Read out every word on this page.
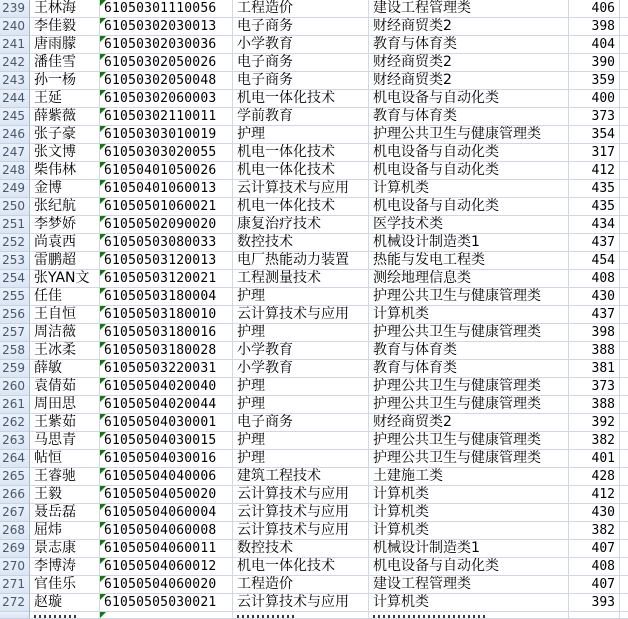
239 王林海	61050301110056	工程造价	建设工程管理类	406
240 李佳毅	61050302030013	电子商务	财经商贸类2	398
241 唐雨朦	61050302030036	小学教育	教育与体育类	404
242 潘佳雪	61050302050026	电子商务	财经商贸类2	390
243 孙一杨	61050302050048	电子商务	财经商贸类2	359
244 王延	61050302060003	机电一体化技术	机电设备与自动化类	400
245 薛紫薇	61050302110011	学前教育	教育与体育类	373
246 张子豪	61050303010019	护理	护理公共卫生与健康管理类	354
247 张文博	61050303020055	机电一体化技术	机电设备与自动化类	317
248 柴伟林	61050401050026	机电一体化技术	机电设备与自动化类	412
249 金博	61050401060013	云计算技术与应用	计算机类	435
250 张纪航	61050501060021	机电一体化技术	机电设备与自动化类	435
251 李梦娇	61050502090020	康复治疗技术	医学技术类	434
252 尚袁西	61050503080033	数控技术	机械设计制造类1	437
253 雷鹏超	61050503120013	电厂热能动力装置	热能与发电工程类	454
254 张YAN文	61050503120021	工程测量技术	测绘地理信息类	408
255 任佳	61050503180004	护理	护理公共卫生与健康管理类	430
256 王自恒	61050503180010	云计算技术与应用	计算机类	437
257 周洁薇	61050503180016	护理	护理公共卫生与健康管理类	398
258 王冰柔	61050503180028	小学教育	教育与体育类	388
259 薛敏	61050503220031	小学教育	教育与体育类	381
260 袁倩茹	61050504020040	护理	护理公共卫生与健康管理类	373
261 周田思	61050504020044	护理	护理公共卫生与健康管理类	388
262 王紫茹	61050504030001	电子商务	财经商贸类2	392
263 马思青	61050504030015	护理	护理公共卫生与健康管理类	382
264 帖恒	61050504030016	护理	护理公共卫生与健康管理类	401
265 王睿驰	61050504040006	建筑工程技术	土建施工类	428
266 王毅	61050504050020	云计算技术与应用	计算机类	412
267 聂岳磊	61050504060004	云计算技术与应用	计算机类	430
268 屈炜	61050504060008	云计算技术与应用	计算机类	382
269 景志康	61050504060011	数控技术	机械设计制造类1	407
270 李博涛	61050504060012	机电一体化技术	机电设备与自动化类	408
271 官佳乐	61050504060020	工程造价	建设工程管理类	407
272 赵璇	61050505030021	云计算技术与应用	计算机类	393
